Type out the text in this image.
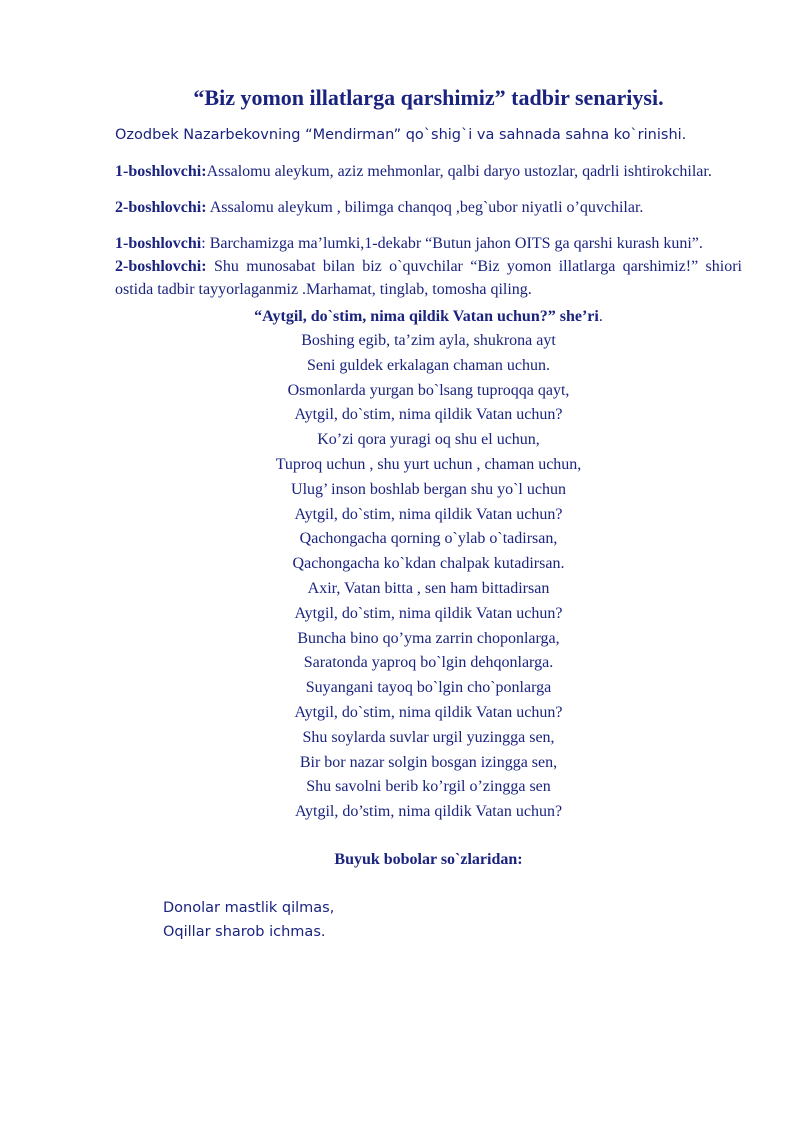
“Biz yomon illatlarga qarshimiz” tadbir senariysi.

Ozodbek Nazarbekovning “Mendirman” qo`shig`i va sahnada sahna ko`rinishi.

1-boshlovchi:Assalomu aleykum, aziz mehmonlar, qalbi daryo ustozlar, qadrli ishtirokchilar.

2-boshlovchi: Assalomu aleykum , bilimga chanqoq ,beg`ubor niyatli o’quvchilar.

1-boshlovchi: Barchamizga ma’lumki,1-dekabr “Butun jahon OITS ga qarshi kurash kuni”.

2-boshlovchi: Shu munosabat bilan biz o`quvchilar “Biz yomon illatlarga qarshimiz!” shiori ostida tadbir tayyorlaganmiz .Marhamat, tinglab, tomosha qiling.

“Aytgil, do`stim, nima qildik Vatan uchun?” she’ri.
Boshing egib, ta’zim ayla, shukrona ayt
Seni guldek erkalagan chaman uchun.
Osmonlarda yurgan bo`lsang tuproqqa qayt,
Aytgil, do`stim, nima qildik Vatan uchun?
Ko’zi qora yuragi oq shu el uchun,
Tuproq uchun , shu yurt uchun , chaman uchun,
Ulug’ inson boshlab bergan shu yo`l uchun
Aytgil, do`stim, nima qildik Vatan uchun?
Qachongacha qorning o`ylab o`tadirsan,
Qachongacha ko`kdan chalpak kutadirsan.
Axir, Vatan bitta , sen ham bittadirsan
Aytgil, do`stim, nima qildik Vatan uchun?
Buncha bino qo’yma zarrin choponlarga,
Saratonda yaproq bo`lgin dehqonlarga.
Suyangani tayoq bo`lgin cho`ponlarga
Aytgil, do`stim, nima qildik Vatan uchun?
Shu soylarda suvlar urgil yuzingga sen,
Bir bor nazar solgin bosgan izingga sen,
Shu savolni berib ko’rgil o’zingga sen
Aytgil, do’stim, nima qildik Vatan uchun?
Buyuk bobolar so`zlaridan:
Donolar mastlik qilmas,
Oqillar sharob ichmas.
